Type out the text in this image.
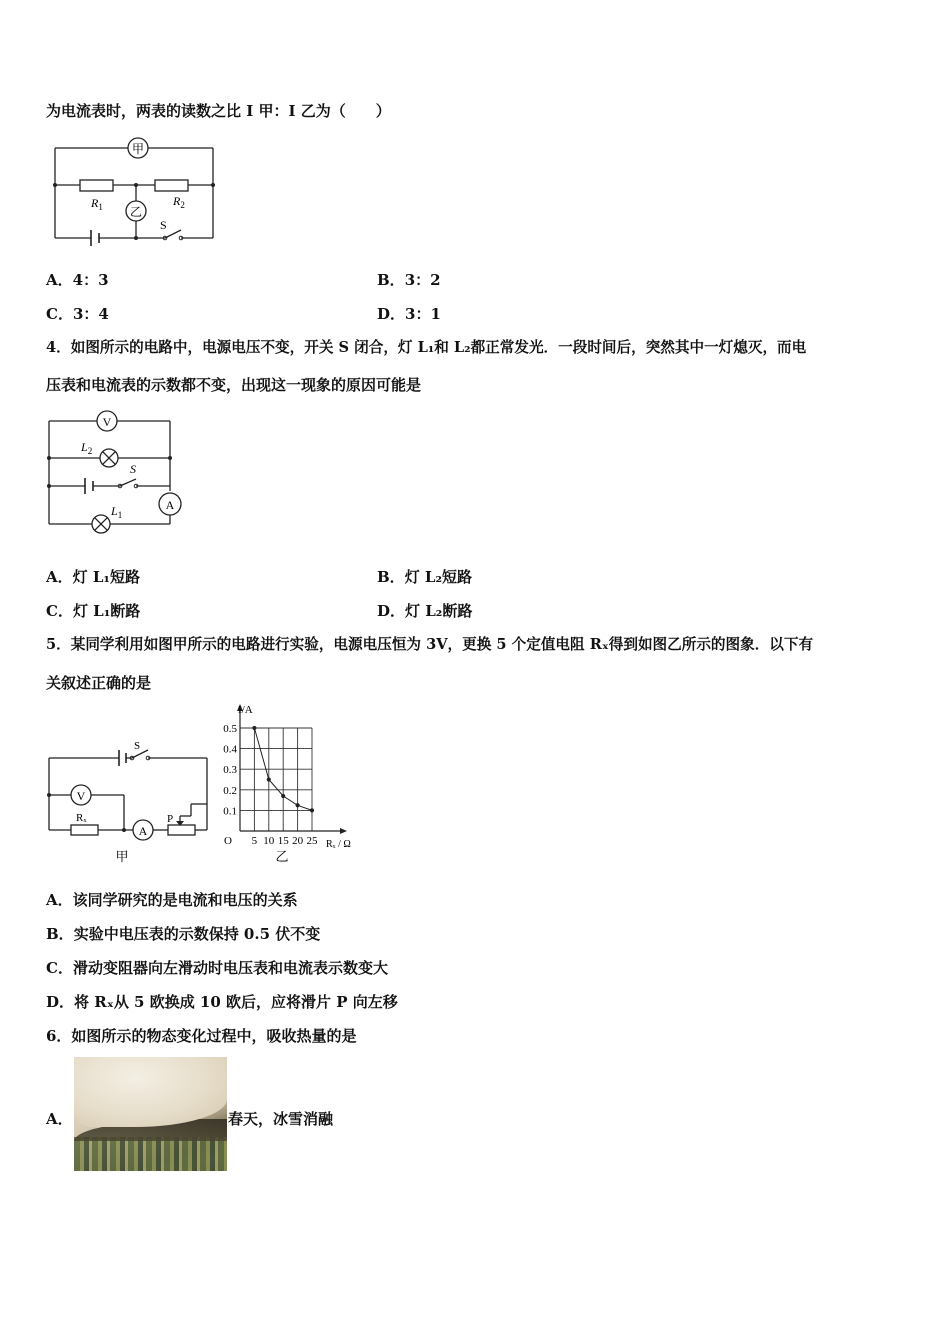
为电流表时，两表的读数之比 I 甲：I 乙为（　　）
甲
乙
$R_1$	$R_2$
S
A．4：3	B．3：2
C．3：4	D．3：1
4．如图所示的电路中，电源电压不变，开关 S 闭合，灯 L₁和 L₂都正常发光．一段时间后，突然其中一灯熄灭，而电
压表和电流表的示数都不变，出现这一现象的原因可能是
V
A
$L_2$
$L_1$
S
A．灯 L₁短路	B．灯 L₂短路
C．灯 L₁断路	D．灯 L₂断路
5．某同学利用如图甲所示的电路进行实验，电源电压恒为 3V，更换 5 个定值电阻 Rₓ得到如图乙所示的图象．以下有
关叙述正确的是
V
A
S
Rₓ	P
甲
5 10 15 20 25
0.1
0.2
0.3
0.4
0.5
I/A
Rₓ / Ω
O
乙
A．该同学研究的是电流和电压的关系
B．实验中电压表的示数保持 0.5 伏不变
C．滑动变阻器向左滑动时电压表和电流表示数变大
D．将 Rₓ从 5 欧换成 10 欧后，应将滑片 P 向左移
6．如图所示的物态变化过程中，吸收热量的是
A．	春天，冰雪消融
